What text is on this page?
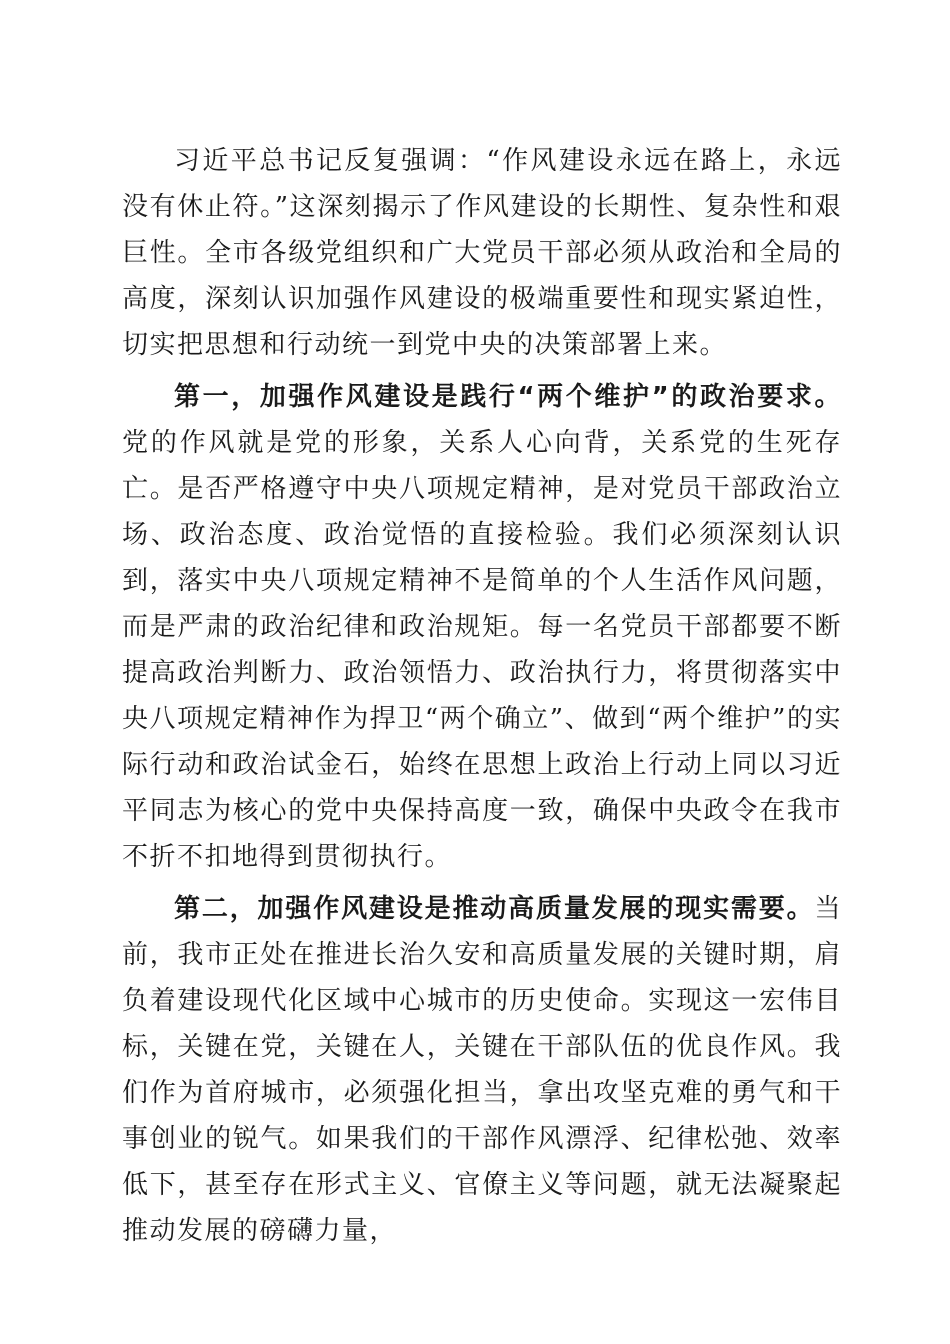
习近平总书记反复强调：“作风建设永远在路上，永远没有休止符。”这深刻揭示了作风建设的长期性、复杂性和艰巨性。全市各级党组织和广大党员干部必须从政治和全局的高度，深刻认识加强作风建设的极端重要性和现实紧迫性，切实把思想和行动统一到党中央的决策部署上来。

第一，加强作风建设是践行“两个维护”的政治要求。党的作风就是党的形象，关系人心向背，关系党的生死存亡。是否严格遵守中央八项规定精神，是对党员干部政治立场、政治态度、政治觉悟的直接检验。我们必须深刻认识到，落实中央八项规定精神不是简单的个人生活作风问题，而是严肃的政治纪律和政治规矩。每一名党员干部都要不断提高政治判断力、政治领悟力、政治执行力，将贯彻落实中央八项规定精神作为捍卫“两个确立”、做到“两个维护”的实际行动和政治试金石，始终在思想上政治上行动上同以习近平同志为核心的党中央保持高度一致，确保中央政令在我市不折不扣地得到贯彻执行。

第二，加强作风建设是推动高质量发展的现实需要。当前，我市正处在推进长治久安和高质量发展的关键时期，肩负着建设现代化区域中心城市的历史使命。实现这一宏伟目标，关键在党，关键在人，关键在干部队伍的优良作风。我们作为首府城市，必须强化担当，拿出攻坚克难的勇气和干事创业的锐气。如果我们的干部作风漂浮、纪律松弛、效率低下，甚至存在形式主义、官僚主义等问题，就无法凝聚起推动发展的磅礴力量，
